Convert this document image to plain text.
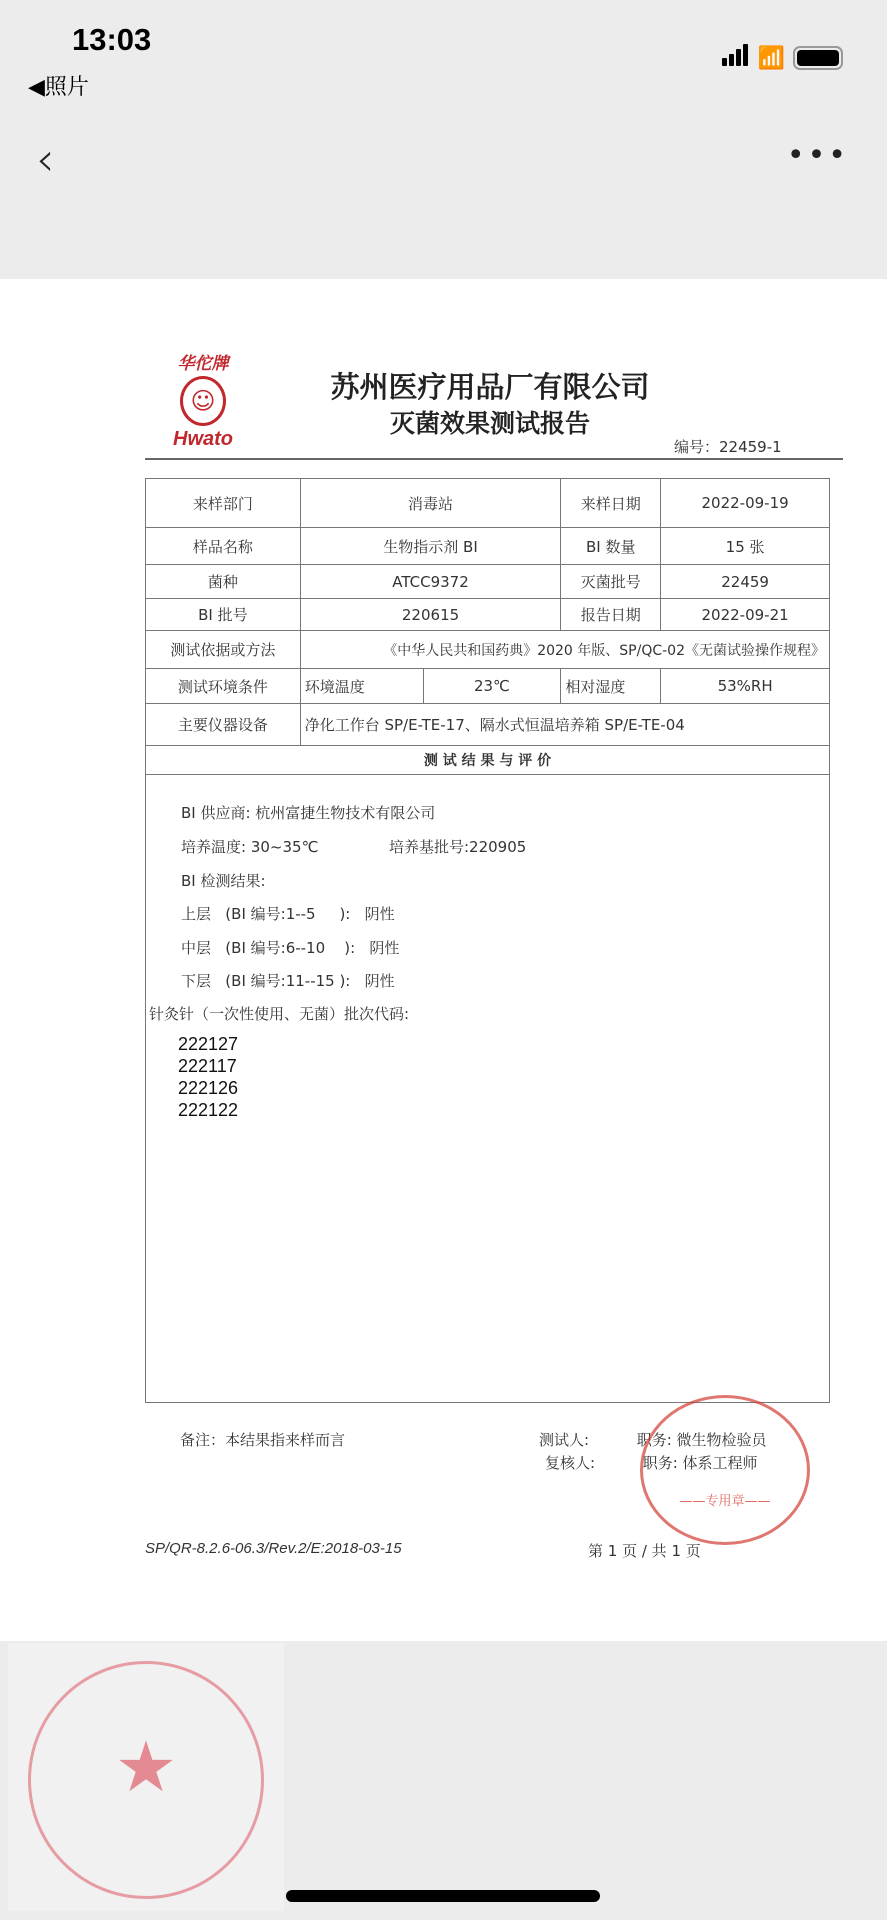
13:03
◀照片
📶
‹	•••
华佗牌
☺
Hwato
苏州医疗用品厂有限公司
灭菌效果测试报告
编号：22459-1
来样部门	消毒站		来样日期	2022-09-19
样品名称	生物指示剂 BI		BI 数量	15 张
菌种	ATCC9372		灭菌批号	22459
BI 批号	220615		报告日期	2022-09-21
测试依据或方法	《中华人民共和国药典》2020 年版、SP/QC-02《无菌试验操作规程》			
测试环境条件	环境温度	23℃	相对湿度	53%RH
主要仪器设备	净化工作台 SP/E-TE-17、隔水式恒温培养箱 SP/E-TE-04			
测 试 结 果 与 评 价				
BI 供应商: 杭州富捷生物技术有限公司
培养温度: 30~35℃	培养基批号:220905
BI 检测结果:
上层   (BI 编号:1--5     ):   阴性
中层   (BI 编号:6--10    ):   阴性
下层   (BI 编号:11--15 ):   阴性
针灸针（一次性使用、无菌）批次代码:
222127
222117
222126
222122
备注：本结果指来样而言	测试人:          职务: 微生物检验员
复核人:          职务: 体系工程师
——专用章——
SP/QR-8.2.6-06.3/Rev.2/E:2018-03-15	第 1 页 / 共 1 页
★
